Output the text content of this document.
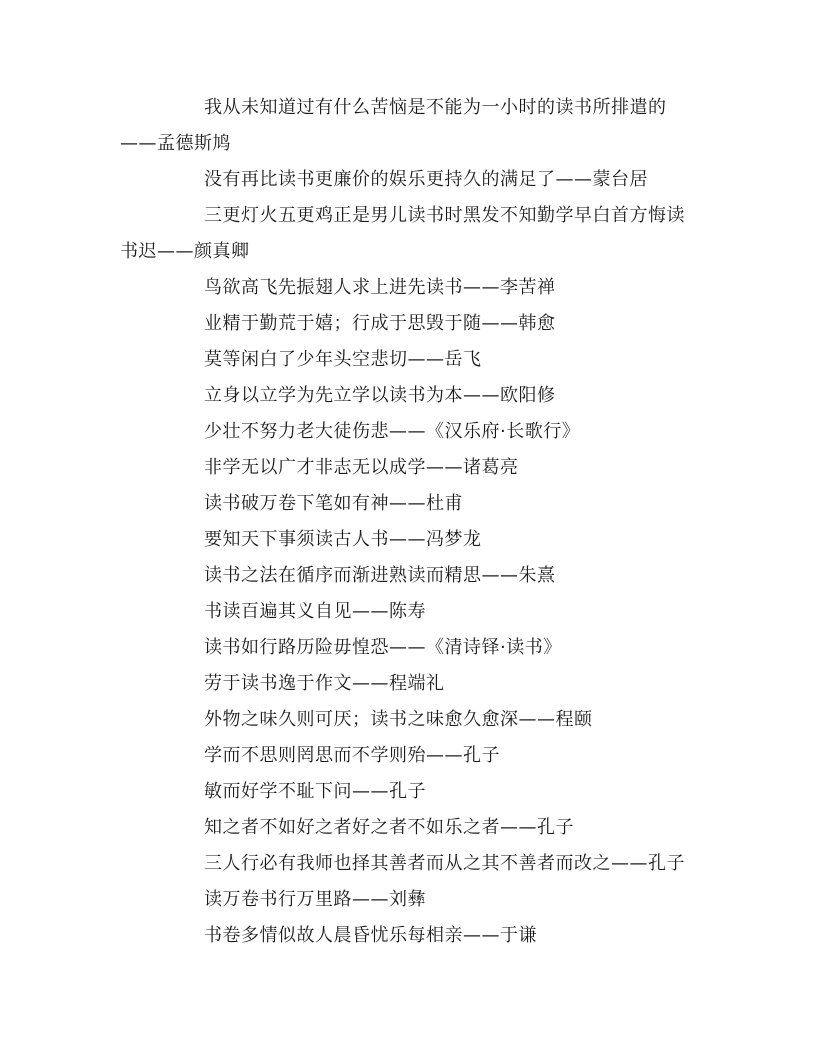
我从未知道过有什么苦恼是不能为一小时的读书所排遣的——孟德斯鸠

没有再比读书更廉价的娱乐更持久的满足了——蒙台居

三更灯火五更鸡正是男儿读书时黑发不知勤学早白首方悔读书迟——颜真卿

鸟欲高飞先振翅人求上进先读书——李苦禅

业精于勤荒于嬉；行成于思毁于随——韩愈

莫等闲白了少年头空悲切——岳飞

立身以立学为先立学以读书为本——欧阳修

少壮不努力老大徒伤悲——《汉乐府·长歌行》

非学无以广才非志无以成学——诸葛亮

读书破万卷下笔如有神——杜甫

要知天下事须读古人书——冯梦龙

读书之法在循序而渐进熟读而精思——朱熹

书读百遍其义自见——陈寿

读书如行路历险毋惶恐——《清诗铎·读书》

劳于读书逸于作文——程端礼

外物之味久则可厌；读书之味愈久愈深——程颐

学而不思则罔思而不学则殆——孔子

敏而好学不耻下问——孔子

知之者不如好之者好之者不如乐之者——孔子

三人行必有我师也择其善者而从之其不善者而改之——孔子

读万卷书行万里路——刘彝

书卷多情似故人晨昏忧乐每相亲——于谦
